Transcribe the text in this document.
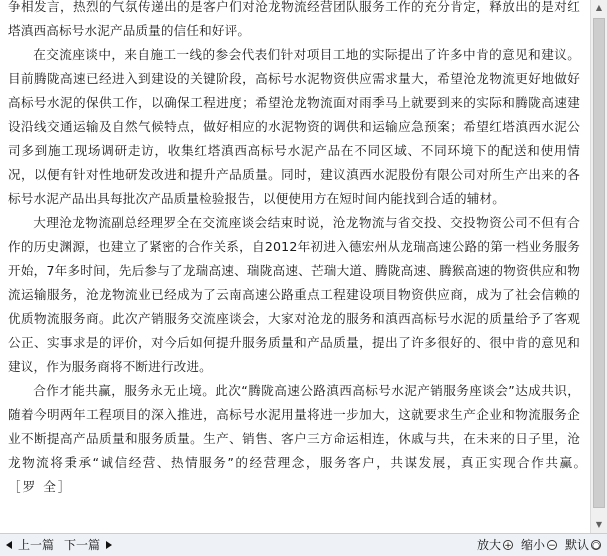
争相发言，热烈的气氛传递出的是客户们对沧龙物流经营团队服务工作的充分肯定，释放出的是对红塔滇西高标号水泥产品质量的信任和好评。

在交流座谈中，来自施工一线的参会代表们针对项目工地的实际提出了许多中肯的意见和建议。目前腾陇高速已经进入到建设的关键阶段，高标号水泥物资供应需求量大，希望沧龙物流更好地做好高标号水泥的保供工作，以确保工程进度；希望沧龙物流面对雨季马上就要到来的实际和腾陇高速建设沿线交通运输及自然气候特点，做好相应的水泥物资的调供和运输应急预案；希望红塔滇西水泥公司多到施工现场调研走访，收集红塔滇西高标号水泥产品在不同区域、不同环境下的配送和使用情况，以便有针对性地研发改进和提升产品质量。同时，建议滇西水泥股份有限公司对所生产出来的各标号水泥产品出具每批次产品质量检验报告，以便使用方在短时间内能找到合适的辅材。

大理沧龙物流副总经理罗全在交流座谈会结束时说，沧龙物流与省交投、交投物资公司不但有合作的历史渊源，也建立了紧密的合作关系，自2012年初进入德宏州从龙瑞高速公路的第一档业务服务开始，7年多时间，先后参与了龙瑞高速、瑞陇高速、芒瑞大道、腾陇高速、腾猴高速的物资供应和物流运输服务，沧龙物流业已经成为了云南高速公路重点工程建设项目物资供应商，成为了社会信赖的优质物流服务商。此次产销服务交流座谈会，大家对沧龙的服务和滇西高标号水泥的质量给予了客观公正、实事求是的评价，对今后如何提升服务质量和产品质量，提出了许多很好的、很中肯的意见和建议，作为服务商将不断进行改进。

合作才能共赢，服务永无止境。此次“腾陇高速公路滇西高标号水泥产销服务座谈会”达成共识，随着今明两年工程项目的深入推进，高标号水泥用量将进一步加大，这就要求生产企业和物流服务企业不断提高产品质量和服务质量。生产、销售、客户三方命运相连，休戚与共，在未来的日子里，沧龙物流将秉承“诚信经营、热情服务”的经营理念，服务客户，共谋发展，真正实现合作共赢。　　　［罗 全］

▲
▼
上一篇 下一篇	放大 + 缩小 − 默认 ○
